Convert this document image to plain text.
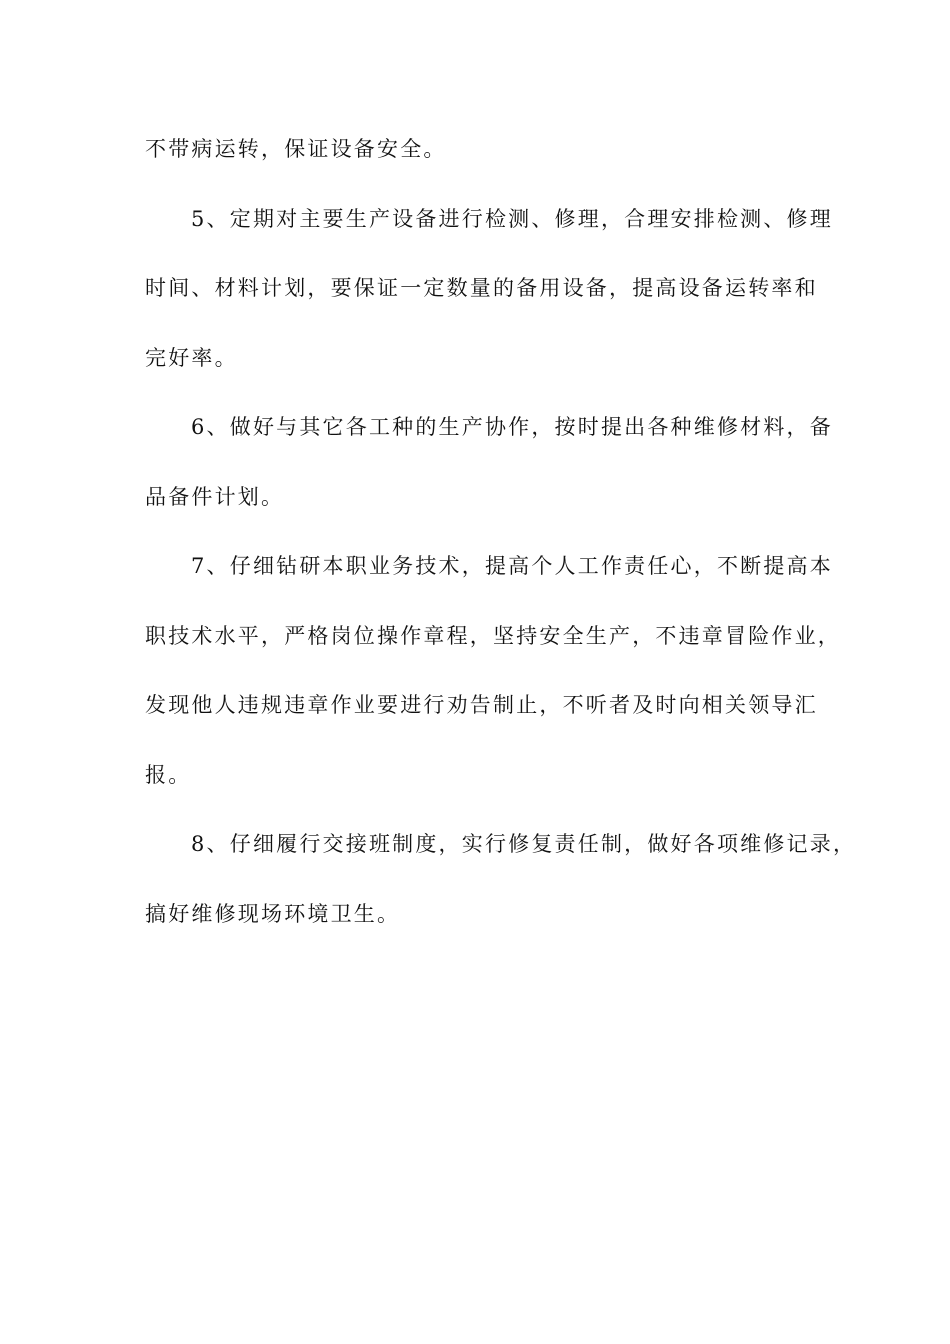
不带病运转，保证设备安全。
5、定期对主要生产设备进行检测、修理，合理安排检测、修理
时间、材料计划，要保证一定数量的备用设备，提高设备运转率和
完好率。
6、做好与其它各工种的生产协作，按时提出各种维修材料，备
品备件计划。
7、仔细钻研本职业务技术，提高个人工作责任心，不断提高本
职技术水平，严格岗位操作章程，坚持安全生产，不违章冒险作业，
发现他人违规违章作业要进行劝告制止，不听者及时向相关领导汇
报。
8、仔细履行交接班制度，实行修复责任制，做好各项维修记录，
搞好维修现场环境卫生。
